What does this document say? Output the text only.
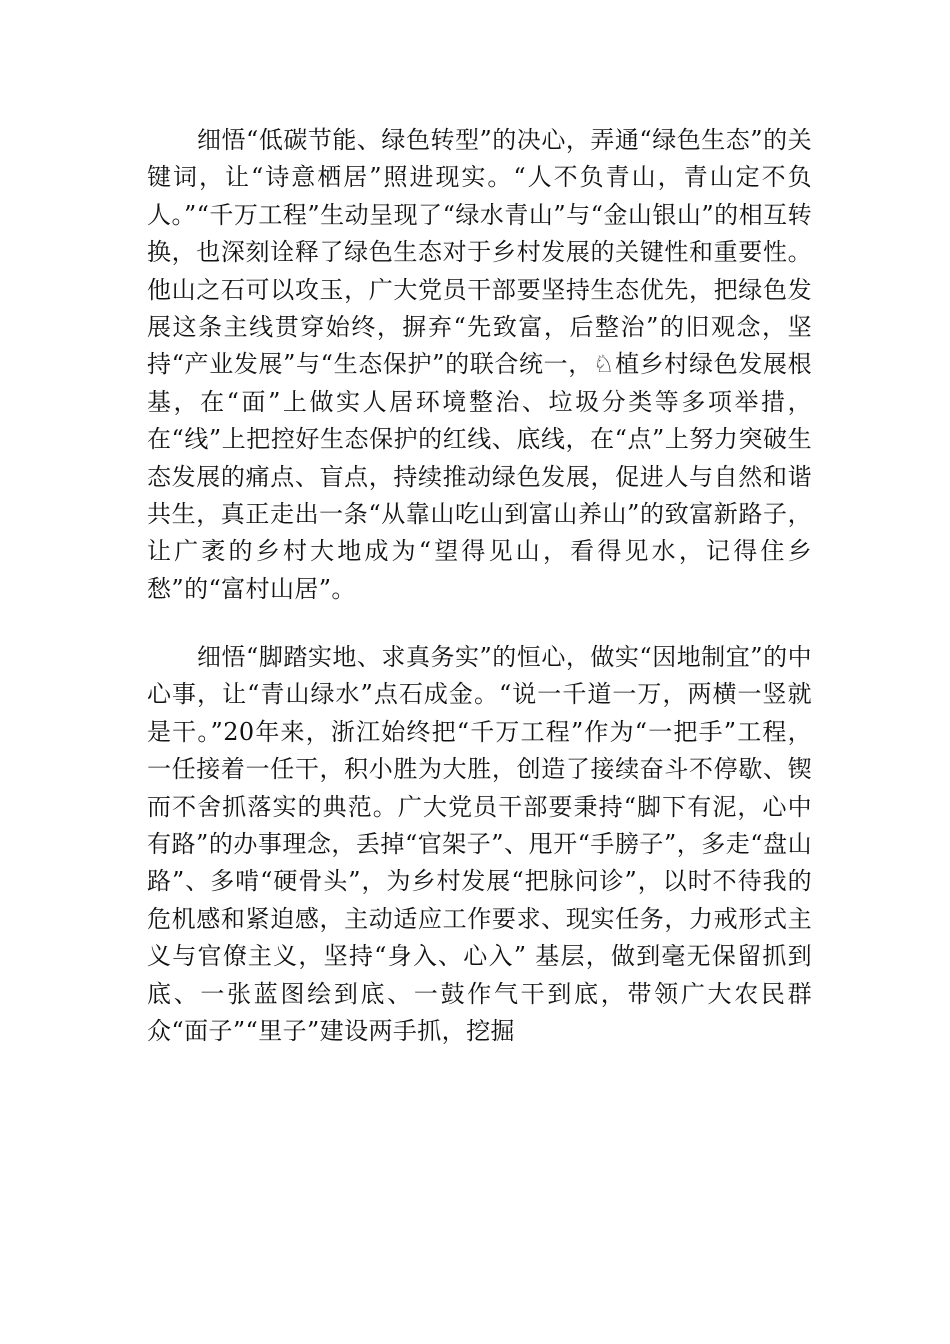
细悟“低碳节能、绿色转型”的决心，弄通“绿色生态”的关键词，让“诗意栖居”照进现实。“人不负青山，青山定不负人。”“千万工程”生动呈现了“绿水青山”与“金山银山”的相互转换，也深刻诠释了绿色生态对于乡村发展的关键性和重要性。他山之石可以攻玉，广大党员干部要坚持生态优先，把绿色发展这条主线贯穿始终，摒弃“先致富，后整治”的旧观念，坚持“产业发展”与“生态保护”的联合统一，♘植乡村绿色发展根基，在“面”上做实人居环境整治、垃圾分类等多项举措，在“线”上把控好生态保护的红线、底线，在“点”上努力突破生态发展的痛点、盲点，持续推动绿色发展，促进人与自然和谐共生，真正走出一条“从靠山吃山到富山养山”的致富新路子，让广袤的乡村大地成为“望得见山，看得见水，记得住乡愁”的“富村山居”。

细悟“脚踏实地、求真务实”的恒心，做实“因地制宜”的中心事，让“青山绿水”点石成金。“说一千道一万，两横一竖就是干。”20年来，浙江始终把“千万工程”作为“一把手”工程，一任接着一任干，积小胜为大胜，创造了接续奋斗不停歇、锲而不舍抓落实的典范。广大党员干部要秉持“脚下有泥，心中有路”的办事理念，丢掉“官架子”、甩开“手膀子”，多走“盘山路”、多啃“硬骨头”，为乡村发展“把脉问诊”，以时不待我的危机感和紧迫感，主动适应工作要求、现实任务，力戒形式主义与官僚主义，坚持“身入、心入” 基层，做到毫无保留抓到底、一张蓝图绘到底、一鼓作气干到底，带领广大农民群众“面子”“里子”建设两手抓，挖掘
